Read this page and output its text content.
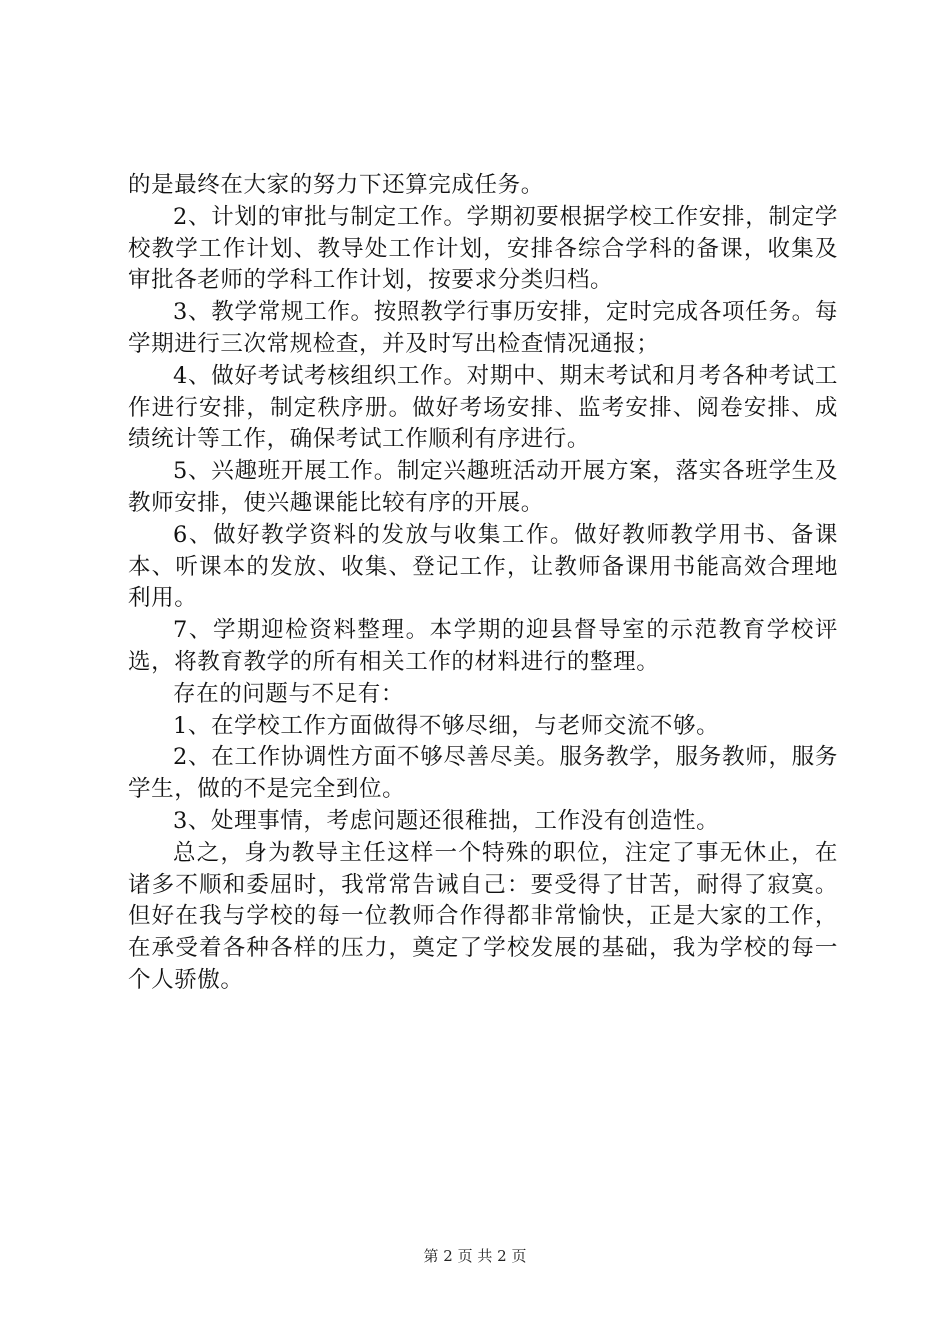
的是最终在大家的努力下还算完成任务。

2、计划的审批与制定工作。学期初要根据学校工作安排，制定学校教学工作计划、教导处工作计划，安排各综合学科的备课，收集及审批各老师的学科工作计划，按要求分类归档。

3、教学常规工作。按照教学行事历安排，定时完成各项任务。每学期进行三次常规检查，并及时写出检查情况通报；

4、做好考试考核组织工作。对期中、期末考试和月考各种考试工作进行安排，制定秩序册。做好考场安排、监考安排、阅卷安排、成绩统计等工作，确保考试工作顺利有序进行。

5、兴趣班开展工作。制定兴趣班活动开展方案，落实各班学生及教师安排，使兴趣课能比较有序的开展。

6、做好教学资料的发放与收集工作。做好教师教学用书、备课本、听课本的发放、收集、登记工作，让教师备课用书能高效合理地利用。

7、学期迎检资料整理。本学期的迎县督导室的示范教育学校评选，将教育教学的所有相关工作的材料进行的整理。

存在的问题与不足有：

1、在学校工作方面做得不够尽细，与老师交流不够。

2、在工作协调性方面不够尽善尽美。服务教学，服务教师，服务学生，做的不是完全到位。

3、处理事情，考虑问题还很稚拙，工作没有创造性。

总之，身为教导主任这样一个特殊的职位，注定了事无休止，在诸多不顺和委屈时，我常常告诫自己：要受得了甘苦，耐得了寂寞。但好在我与学校的每一位教师合作得都非常愉快，正是大家的工作，在承受着各种各样的压力，奠定了学校发展的基础，我为学校的每一个人骄傲。

第 2 页 共 2 页
